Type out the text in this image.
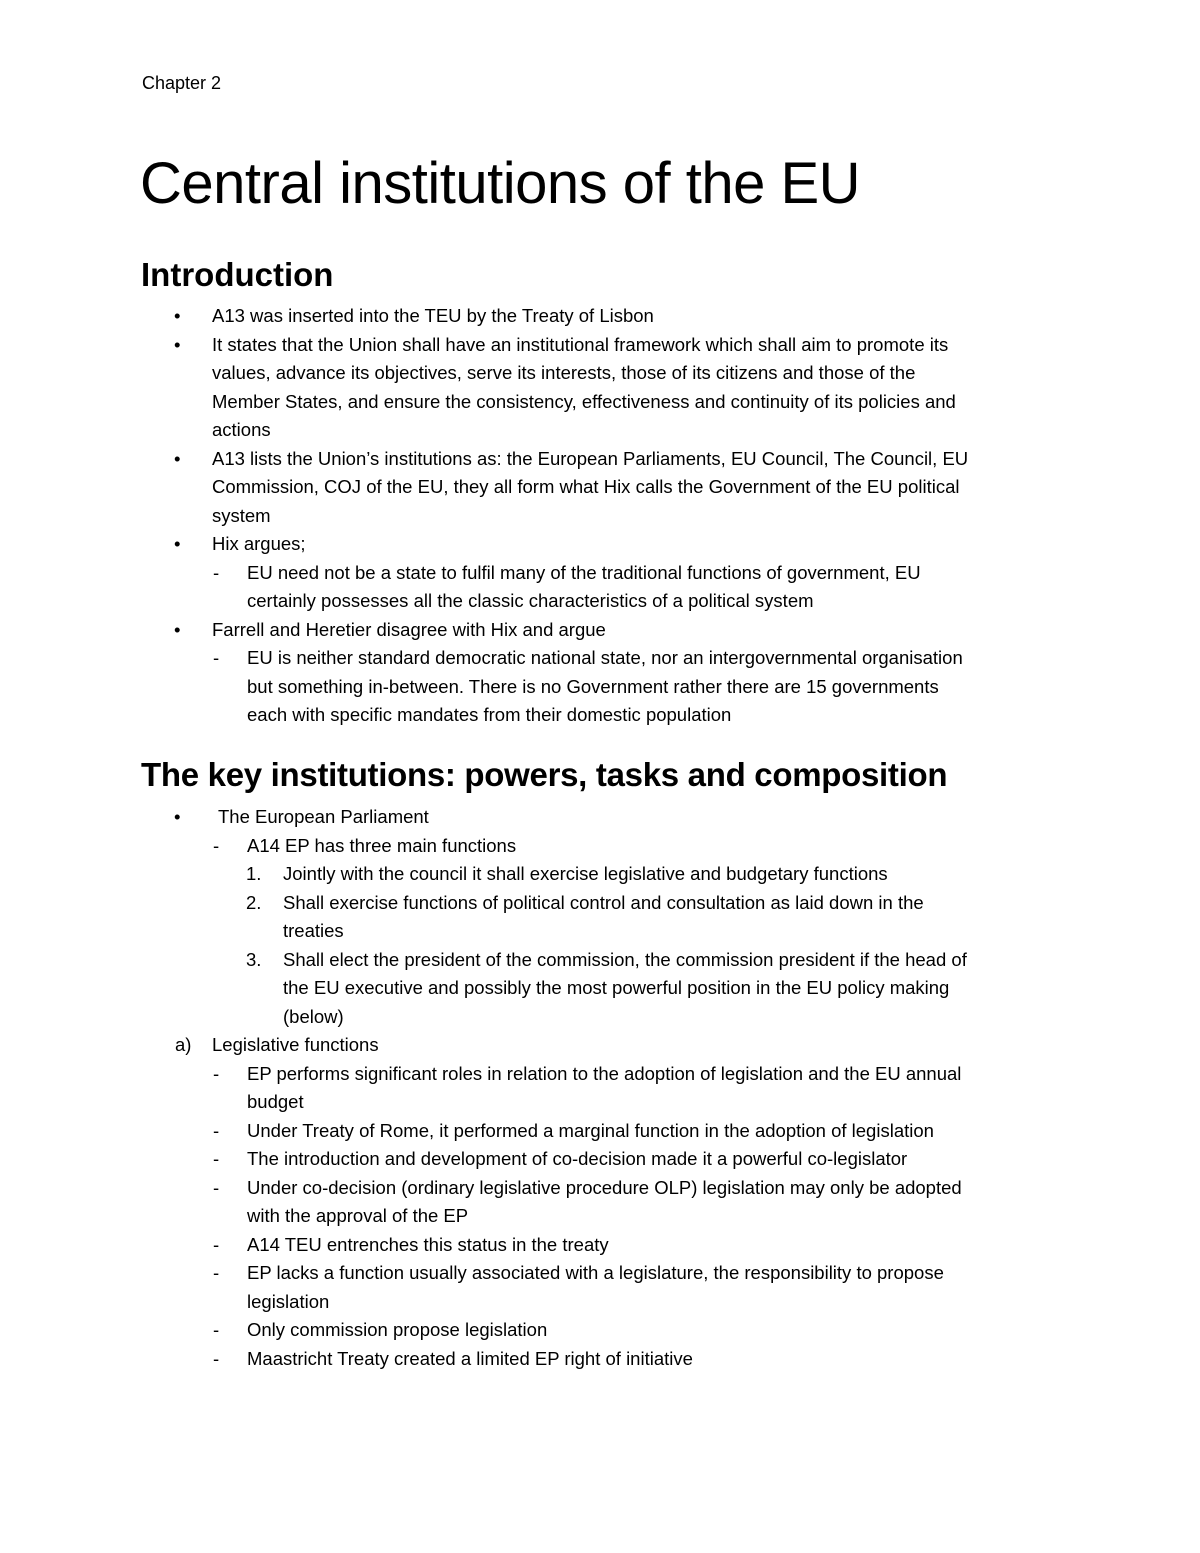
Chapter 2
Central institutions of the EU
Introduction
• A13 was inserted into the TEU by the Treaty of Lisbon
• It states that the Union shall have an institutional framework which shall aim to promote its
values, advance its objectives, serve its interests, those of its citizens and those of the
Member States, and ensure the consistency, effectiveness and continuity of its policies and
actions
• A13 lists the Union’s institutions as: the European Parliaments, EU Council, The Council, EU
Commission, COJ of the EU, they all form what Hix calls the Government of the EU political
system
• Hix argues;
- EU need not be a state to fulfil many of the traditional functions of government, EU
certainly possesses all the classic characteristics of a political system
• Farrell and Heretier disagree with Hix and argue
- EU is neither standard democratic national state, nor an intergovernmental organisation
but something in-between. There is no Government rather there are 15 governments
each with specific mandates from their domestic population
The key institutions: powers, tasks and composition
• The European Parliament
- A14 EP has three main functions
1. Jointly with the council it shall exercise legislative and budgetary functions
2. Shall exercise functions of political control and consultation as laid down in the
treaties
3. Shall elect the president of the commission, the commission president if the head of
the EU executive and possibly the most powerful position in the EU policy making
(below)
a) Legislative functions
- EP performs significant roles in relation to the adoption of legislation and the EU annual
budget
- Under Treaty of Rome, it performed a marginal function in the adoption of legislation
- The introduction and development of co-decision made it a powerful co-legislator
- Under co-decision (ordinary legislative procedure OLP) legislation may only be adopted
with the approval of the EP
- A14 TEU entrenches this status in the treaty
- EP lacks a function usually associated with a legislature, the responsibility to propose
legislation
- Only commission propose legislation
- Maastricht Treaty created a limited EP right of initiative
